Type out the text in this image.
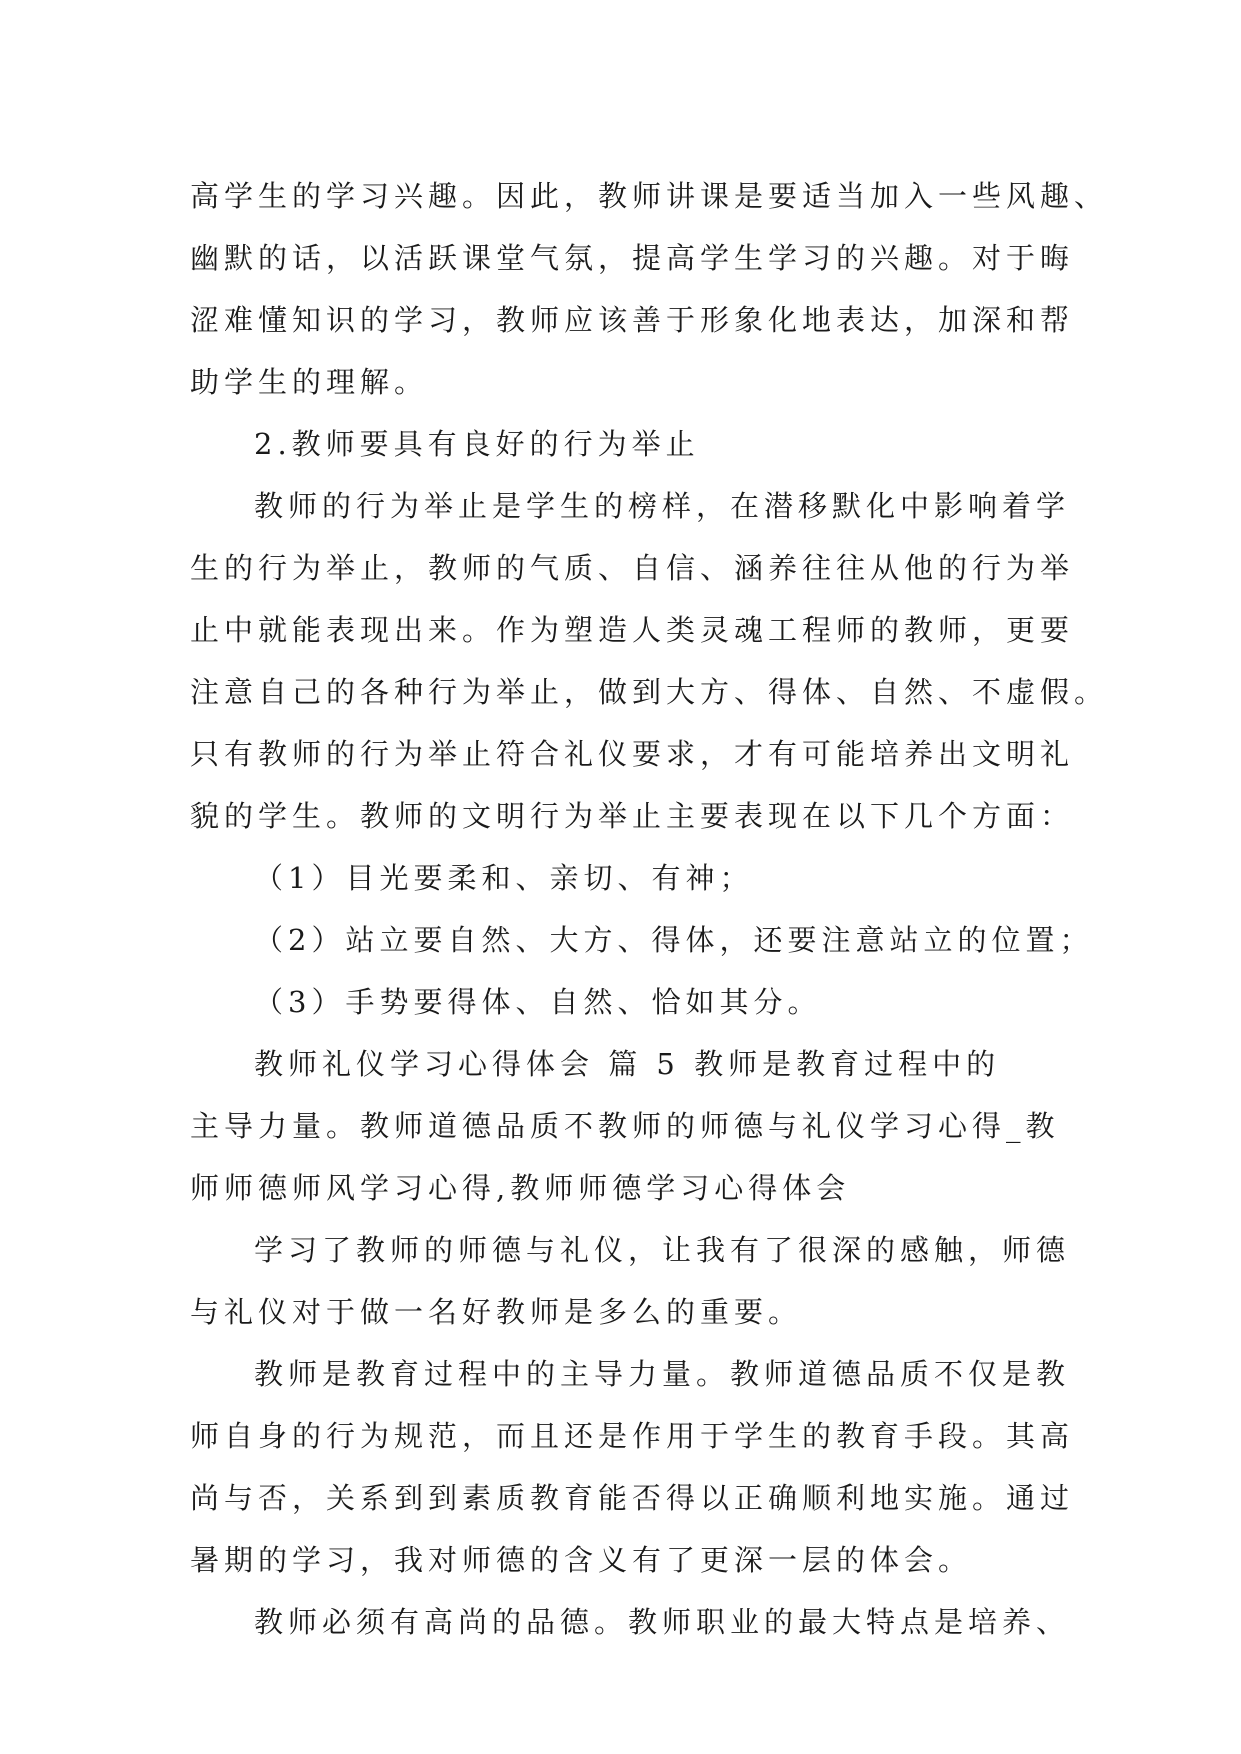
高学生的学习兴趣。因此，教师讲课是要适当加入一些风趣、
幽默的话，以活跃课堂气氛，提高学生学习的兴趣。对于晦
涩难懂知识的学习，教师应该善于形象化地表达，加深和帮
助学生的理解。
2.教师要具有良好的行为举止
教师的行为举止是学生的榜样，在潜移默化中影响着学
生的行为举止，教师的气质、自信、涵养往往从他的行为举
止中就能表现出来。作为塑造人类灵魂工程师的教师，更要
注意自己的各种行为举止，做到大方、得体、自然、不虚假。
只有教师的行为举止符合礼仪要求，才有可能培养出文明礼
貌的学生。教师的文明行为举止主要表现在以下几个方面：
（1）目光要柔和、亲切、有神；
（2）站立要自然、大方、得体，还要注意站立的位置；
（3）手势要得体、自然、恰如其分。
教师礼仪学习心得体会 篇 5 教师是教育过程中的
主导力量。教师道德品质不教师的师德与礼仪学习心得_教
师师德师风学习心得,教师师德学习心得体会
学习了教师的师德与礼仪，让我有了很深的感触，师德
与礼仪对于做一名好教师是多么的重要。
教师是教育过程中的主导力量。教师道德品质不仅是教
师自身的行为规范，而且还是作用于学生的教育手段。其高
尚与否，关系到到素质教育能否得以正确顺利地实施。通过
暑期的学习，我对师德的含义有了更深一层的体会。
教师必须有高尚的品德。教师职业的最大特点是培养、
